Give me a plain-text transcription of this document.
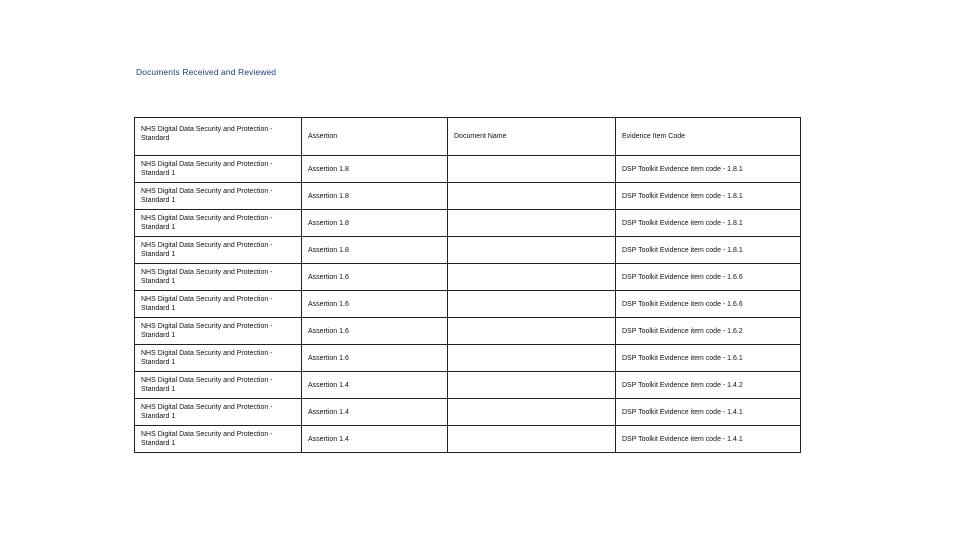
Documents Received and Reviewed
NHS Digital Data Security and Protection - Standard	Assertion	Document Name	Evidence Item Code
NHS Digital Data Security and Protection - Standard 1	Assertion 1.8		DSP Toolkit Evidence item code - 1.8.1
NHS Digital Data Security and Protection - Standard 1	Assertion 1.8		DSP Toolkit Evidence item code - 1.8.1
NHS Digital Data Security and Protection - Standard 1	Assertion 1.8		DSP Toolkit Evidence item code - 1.8.1
NHS Digital Data Security and Protection - Standard 1	Assertion 1.8		DSP Toolkit Evidence item code - 1.8.1
NHS Digital Data Security and Protection - Standard 1	Assertion 1.6		DSP Toolkit Evidence item code - 1.6.6
NHS Digital Data Security and Protection - Standard 1	Assertion 1.6		DSP Toolkit Evidence item code - 1.6.6
NHS Digital Data Security and Protection - Standard 1	Assertion 1.6		DSP Toolkit Evidence item code - 1.6.2
NHS Digital Data Security and Protection - Standard 1	Assertion 1.6		DSP Toolkit Evidence item code - 1.6.1
NHS Digital Data Security and Protection - Standard 1	Assertion 1.4		DSP Toolkit Evidence item code - 1.4.2
NHS Digital Data Security and Protection - Standard 1	Assertion 1.4		DSP Toolkit Evidence item code - 1.4.1
NHS Digital Data Security and Protection - Standard 1	Assertion 1.4		DSP Toolkit Evidence item code - 1.4.1
